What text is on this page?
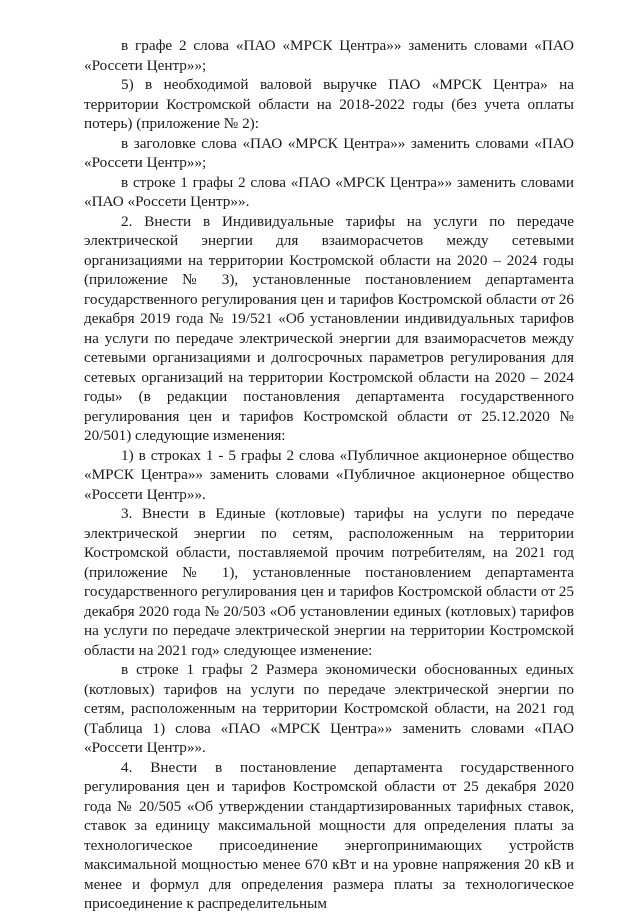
в графе 2 слова «ПАО «МРСК Центра»» заменить словами «ПАО «Россети Центр»»;

5) в необходимой валовой выручке ПАО «МРСК Центра» на территории Костромской области на 2018-2022 годы (без учета оплаты потерь) (приложение № 2):

в заголовке слова «ПАО «МРСК Центра»» заменить словами «ПАО «Россети Центр»»;

в строке 1 графы 2 слова «ПАО «МРСК Центра»» заменить словами «ПАО «Россети Центр»».

2. Внести в Индивидуальные тарифы на услуги по передаче электрической энергии для взаиморасчетов между сетевыми организациями на территории Костромской области на 2020 – 2024 годы (приложение № 3), установленные постановлением департамента государственного регулирования цен и тарифов Костромской области от 26 декабря 2019 года № 19/521 «Об установлении индивидуальных тарифов на услуги по передаче электрической энергии для взаиморасчетов между сетевыми организациями и долгосрочных параметров регулирования для сетевых организаций на территории Костромской области на 2020 – 2024 годы» (в редакции постановления департамента государственного регулирования цен и тарифов Костромской области от 25.12.2020 № 20/501) следующие изменения:

1) в строках 1 - 5 графы 2 слова «Публичное акционерное общество «МРСК Центра»» заменить словами «Публичное акционерное общество «Россети Центр»».

3. Внести в Единые (котловые) тарифы на услуги по передаче электрической энергии по сетям, расположенным на территории Костромской области, поставляемой прочим потребителям, на 2021 год (приложение № 1), установленные постановлением департамента государственного регулирования цен и тарифов Костромской области от 25 декабря 2020 года № 20/503 «Об установлении единых (котловых) тарифов на услуги по передаче электрической энергии на территории Костромской области на 2021 год» следующее изменение:

в строке 1 графы 2 Размера экономически обоснованных единых (котловых) тарифов на услуги по передаче электрической энергии по сетям, расположенным на территории Костромской области, на 2021 год (Таблица 1) слова «ПАО «МРСК Центра»» заменить словами «ПАО «Россети Центр»».

4. Внести в постановление департамента государственного регулирования цен и тарифов Костромской области от 25 декабря 2020 года № 20/505 «Об утверждении стандартизированных тарифных ставок, ставок за единицу максимальной мощности для определения платы за технологическое присоединение энергопринимающих устройств максимальной мощностью менее 670 кВт и на уровне напряжения 20 кВ и менее и формул для определения размера платы за технологическое присоединение к распределительным
